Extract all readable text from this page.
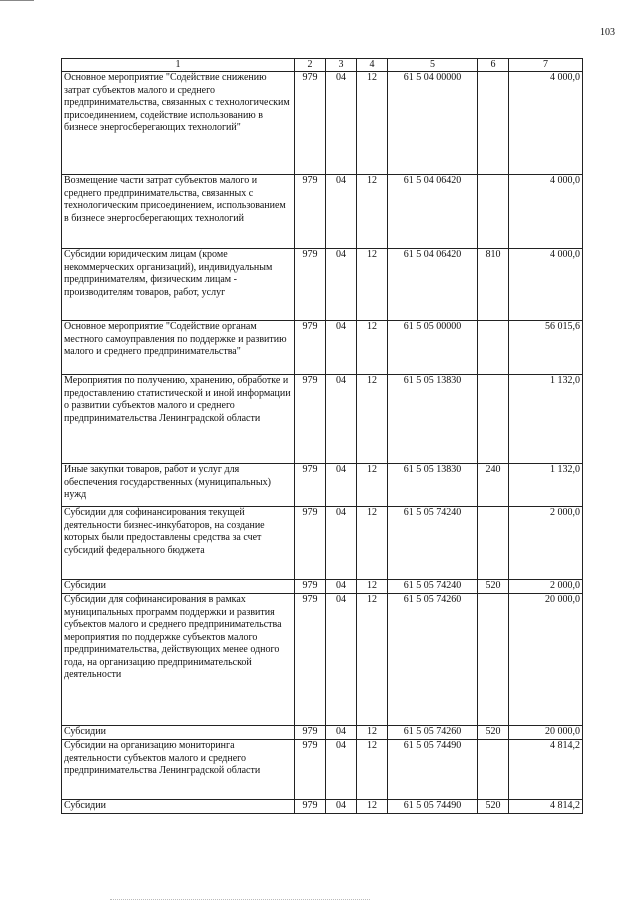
103
1	2	3	4	5	6	7
Основное мероприятие "Содействие снижению затрат субъектов малого и среднего предпринимательства, связанных с технологическим присоединением, содействие использованию в бизнесе энергосберегающих технологий"	979	04	12	61 5 04 00000		4 000,0
Возмещение части затрат субъектов малого и среднего предпринимательства, связанных с технологическим присоединением, использованием в бизнесе энергосберегающих технологий	979	04	12	61 5 04 06420		4 000,0
Субсидии юридическим лицам (кроме некоммерческих организаций), индивидуальным предпринимателям, физическим лицам - производителям товаров, работ, услуг	979	04	12	61 5 04 06420	810	4 000,0
Основное мероприятие "Содействие органам местного самоуправления по поддержке и развитию малого и среднего предпринимательства"	979	04	12	61 5 05 00000		56 015,6
Мероприятия по получению, хранению, обработке и предоставлению статистической и иной информации о развитии субъектов малого и среднего предпринимательства Ленинградской области	979	04	12	61 5 05 13830		1 132,0
Иные закупки товаров, работ и услуг для обеспечения государственных (муниципальных) нужд	979	04	12	61 5 05 13830	240	1 132,0
Субсидии для софинансирования текущей деятельности бизнес-инкубаторов, на создание которых были предоставлены средства за счет субсидий федерального бюджета	979	04	12	61 5 05 74240		2 000,0
Субсидии	979	04	12	61 5 05 74240	520	2 000,0
Субсидии для софинансирования в рамках муниципальных программ поддержки и развития субъектов малого и среднего предпринимательства мероприятия по поддержке субъектов малого предпринимательства, действующих менее одного года, на организацию предпринимательской деятельности	979	04	12	61 5 05 74260		20 000,0
Субсидии	979	04	12	61 5 05 74260	520	20 000,0
Субсидии на организацию мониторинга деятельности субъектов малого и среднего предпринимательства Ленинградской области	979	04	12	61 5 05 74490		4 814,2
Субсидии	979	04	12	61 5 05 74490	520	4 814,2
